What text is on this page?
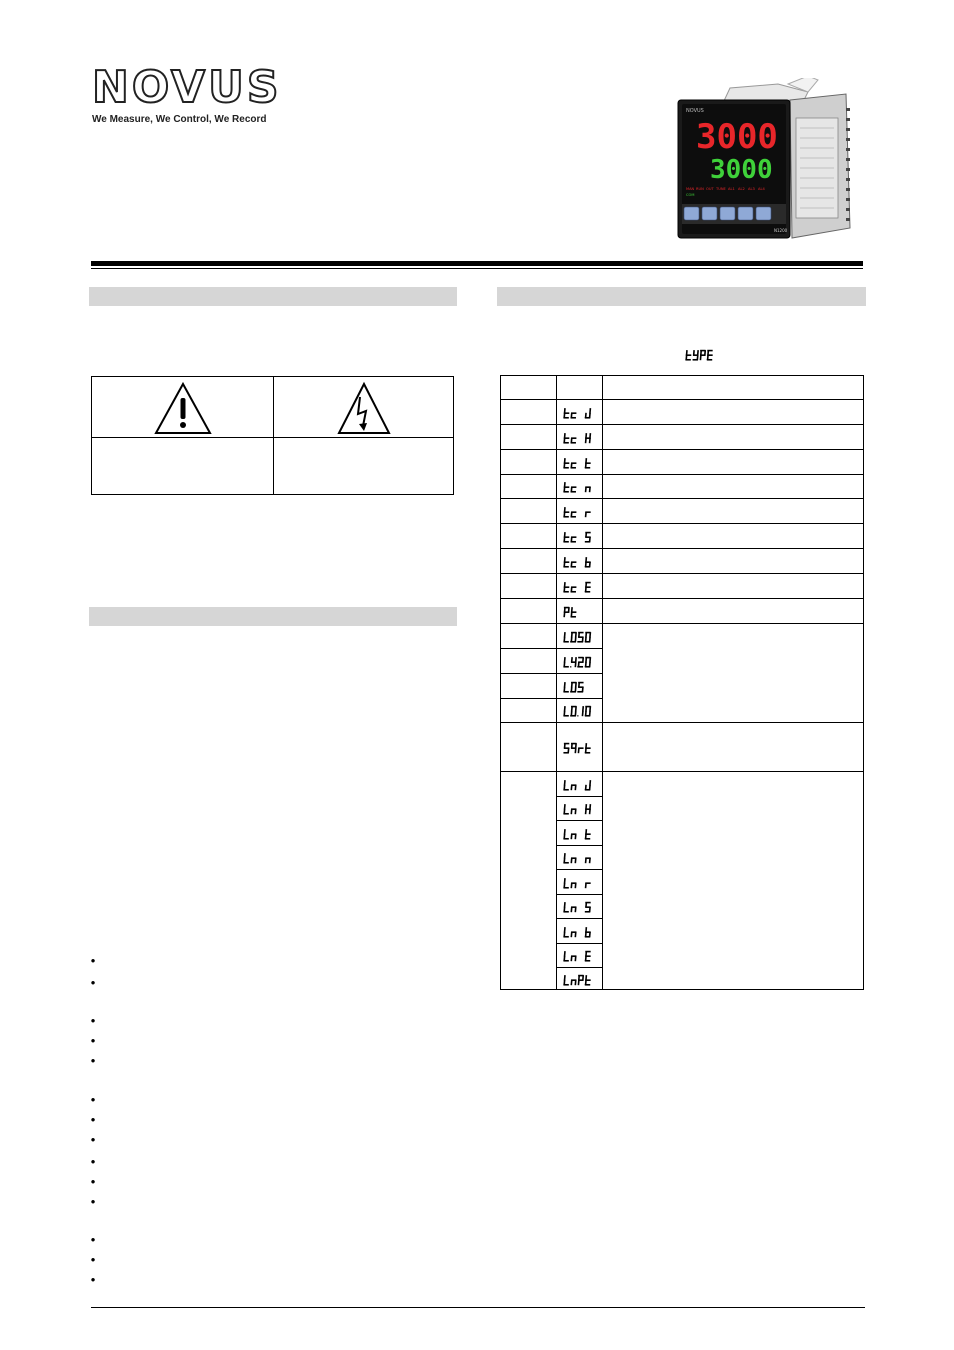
NOVUS
We Measure, We Control, We Record
NOVUS
3000
3000
MAN RUN OUT TUNE AL1 AL2 AL3 AL4
COM
N1200
•
•
•
•
•
•
•
•
•
•
•
•
•
•
